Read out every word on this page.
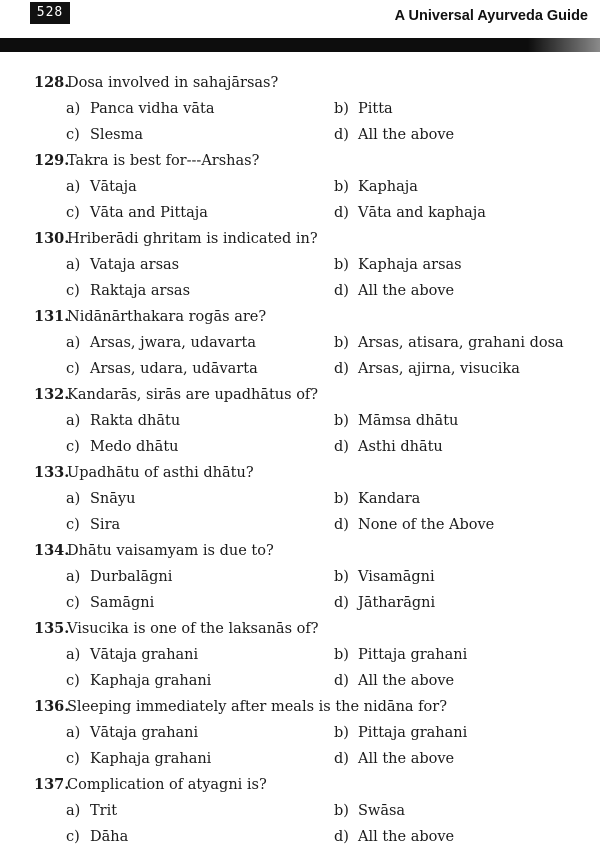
528	A Universal Ayurveda Guide
128.
Dosa involved in sahajārsas?
a) Panca vidha vāta	b) Pitta
c) Slesma	d) All the above
129.
Takra is best for---Arshas?
a) Vātaja	b) Kaphaja
c) Vāta and Pittaja	d) Vāta and kaphaja
130.
Hriberādi ghritam is indicated in?
a) Vataja arsas	b) Kaphaja arsas
c) Raktaja arsas	d) All the above
131.
Nidānārthakara rogās are?
a) Arsas, jwara, udavarta	b) Arsas, atisara, grahani dosa
c) Arsas, udara, udāvarta	d) Arsas, ajirna, visucika
132.
Kandarās, sirās are upadhātus of?
a) Rakta dhātu	b) Māmsa dhātu
c) Medo dhātu	d) Asthi dhātu
133.
Upadhātu of asthi dhātu?
a) Snāyu	b) Kandara
c) Sira	d) None of the Above
134.
Dhātu vaisamyam is due to?
a) Durbalāgni	b) Visamāgni
c) Samāgni	d) Jātharāgni
135.
Visucika is one of the laksanās of?
a) Vātaja grahani	b) Pittaja grahani
c) Kaphaja grahani	d) All the above
136.
Sleeping immediately after meals is the nidāna for?
a) Vātaja grahani	b) Pittaja grahani
c) Kaphaja grahani	d) All the above
137.
Complication of atyagni is?
a) Trit	b) Swāsa
c) Dāha	d) All the above
